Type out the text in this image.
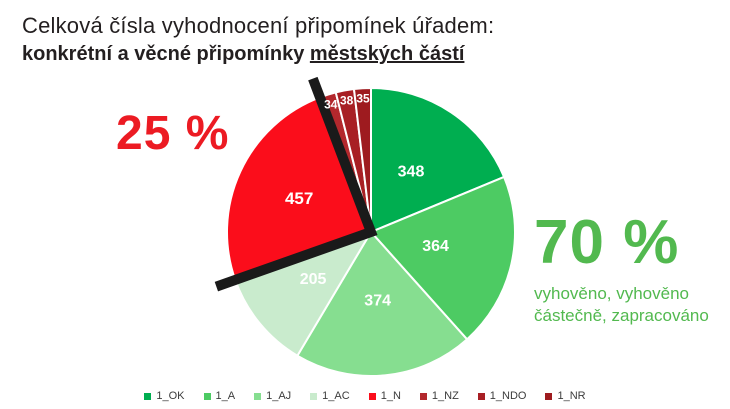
Celková čísla vyhodnocení připomínek úřadem:
konkrétní a věcné připomínky městských částí
348
364
374
205
457
34 38 35
25 %
70 %
vyhověno, vyhověno
částečně, zapracováno
1_OK	1_A	1_AJ	1_AC	1_N	1_NZ	1_NDO	1_NR
